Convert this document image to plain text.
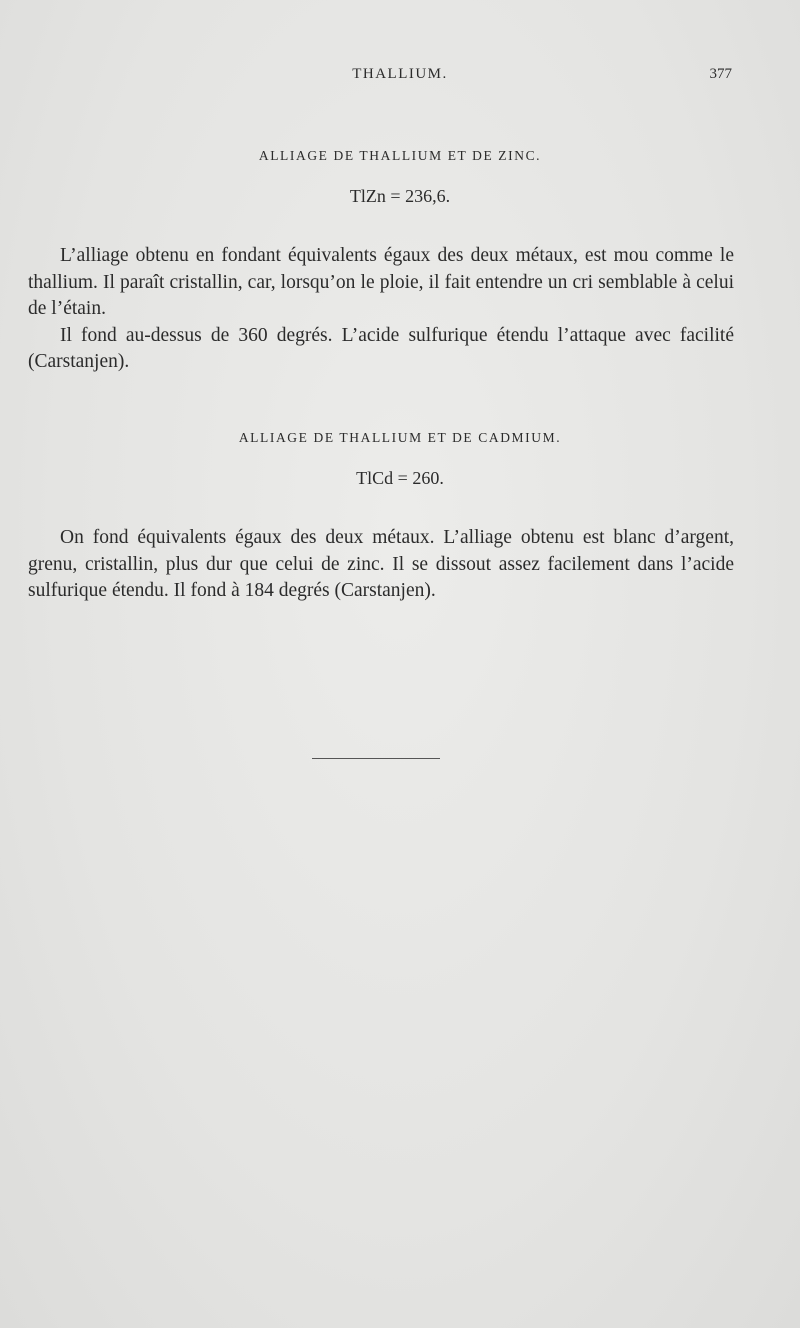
THALLIUM.	377
ALLIAGE DE THALLIUM ET DE ZINC.
TlZn = 236,6.

L’alliage obtenu en fondant équivalents égaux des deux métaux, est mou comme le thallium. Il paraît cristallin, car, lorsqu’on le ploie, il fait entendre un cri semblable à celui de l’étain.

Il fond au-dessus de 360 degrés. L’acide sulfurique étendu l’attaque avec facilité (Carstanjen).

ALLIAGE DE THALLIUM ET DE CADMIUM.
TlCd = 260.

On fond équivalents égaux des deux métaux. L’alliage obtenu est blanc d’argent, grenu, cristallin, plus dur que celui de zinc. Il se dissout assez facilement dans l’acide sulfurique étendu. Il fond à 184 degrés (Carstanjen).
